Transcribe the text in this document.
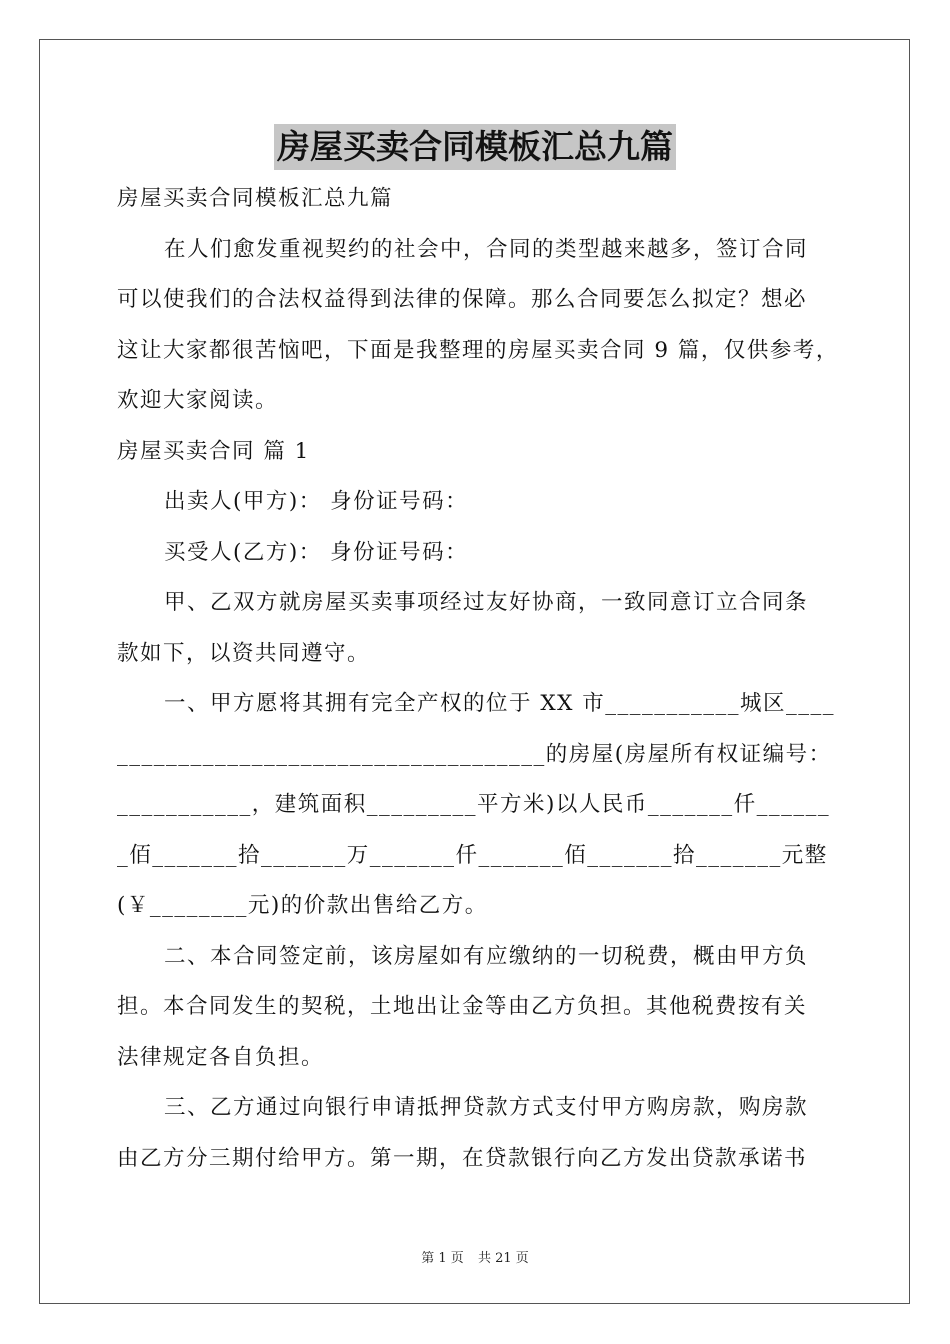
房屋买卖合同模板汇总九篇
房屋买卖合同模板汇总九篇
在人们愈发重视契约的社会中，合同的类型越来越多，签订合同
可以使我们的合法权益得到法律的保障。那么合同要怎么拟定？想必
这让大家都很苦恼吧，下面是我整理的房屋买卖合同 9 篇，仅供参考，
欢迎大家阅读。
房屋买卖合同 篇 1
出卖人(甲方)： 身份证号码：
买受人(乙方)： 身份证号码：
甲、乙双方就房屋买卖事项经过友好协商，一致同意订立合同条
款如下，以资共同遵守。
一、甲方愿将其拥有完全产权的位于 XX 市___________城区____
___________________________________的房屋(房屋所有权证编号：
___________，建筑面积_________平方米)以人民币_______仟______
_佰_______拾_______万_______仟_______佰_______拾_______元整
(￥________元)的价款出售给乙方。
二、本合同签定前，该房屋如有应缴纳的一切税费，概由甲方负
担。本合同发生的契税，土地出让金等由乙方负担。其他税费按有关
法律规定各自负担。
三、乙方通过向银行申请抵押贷款方式支付甲方购房款，购房款
由乙方分三期付给甲方。第一期，在贷款银行向乙方发出贷款承诺书
第 1 页 共 21 页
